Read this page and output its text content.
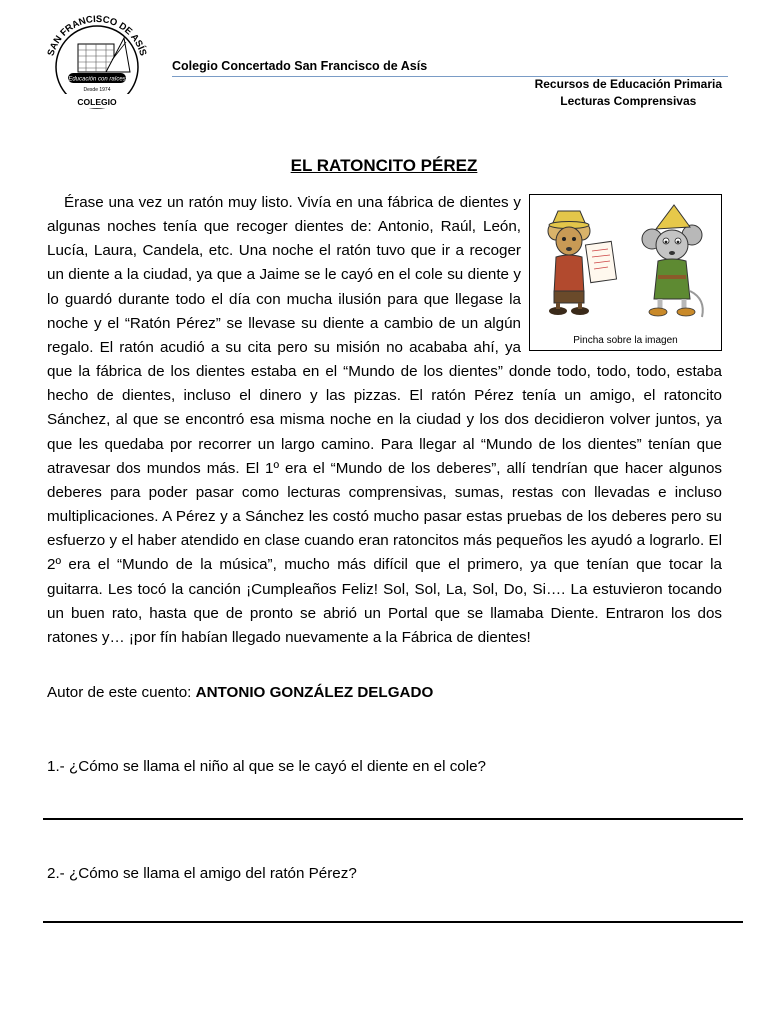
SAN FRANCISCO DE ASÍS
Educación con raíces
Desde 1974
COLEGIO
Colegio Concertado San Francisco de Asís
Recursos de Educación Primaria
Lecturas Comprensivas
EL RATONCITO PÉREZ
Pincha sobre la imagen

Érase una vez un ratón muy listo. Vivía en una fábrica de dientes y algunas noches tenía que recoger dientes de: Antonio, Raúl, León, Lucía, Laura, Candela, etc. Una noche el ratón tuvo que ir a recoger un diente a la ciudad, ya que a Jaime se le cayó en el cole su diente y lo guardó durante todo el día con mucha ilusión para que llegase la noche y el “Ratón Pérez” se llevase su diente a cambio de un algún regalo. El ratón acudió a su cita pero su misión no acababa ahí, ya que la fábrica de los dientes estaba en el “Mundo de los dientes” donde todo, todo, todo, estaba hecho de dientes, incluso el dinero y las pizzas. El ratón Pérez tenía un amigo, el ratoncito Sánchez, al que se encontró esa misma noche en la ciudad y los dos decidieron volver juntos, ya que les quedaba por recorrer un largo camino. Para llegar al “Mundo de los dientes” tenían que atravesar dos mundos más. El 1º era el “Mundo de los deberes”, allí tendrían que hacer algunos deberes para poder pasar como lecturas comprensivas, sumas, restas con llevadas e incluso multiplicaciones. A Pérez y a Sánchez les costó mucho pasar estas pruebas de los deberes pero su esfuerzo y el haber atendido en clase cuando eran ratoncitos más pequeños les ayudó a lograrlo. El 2º era el “Mundo de la música”, mucho más difícil que el primero, ya que tenían que tocar la guitarra. Les tocó la canción ¡Cumpleaños Feliz! Sol, Sol, La, Sol, Do, Si…. La estuvieron tocando un buen rato, hasta que de pronto se abrió un Portal que se llamaba Diente. Entraron los dos ratones y… ¡por fín habían llegado nuevamente a la Fábrica de dientes!

Autor de este cuento: ANTONIO GONZÁLEZ DELGADO
1.- ¿Cómo se llama el niño al que se le cayó el diente en el cole?
2.- ¿Cómo se llama el amigo del ratón Pérez?
